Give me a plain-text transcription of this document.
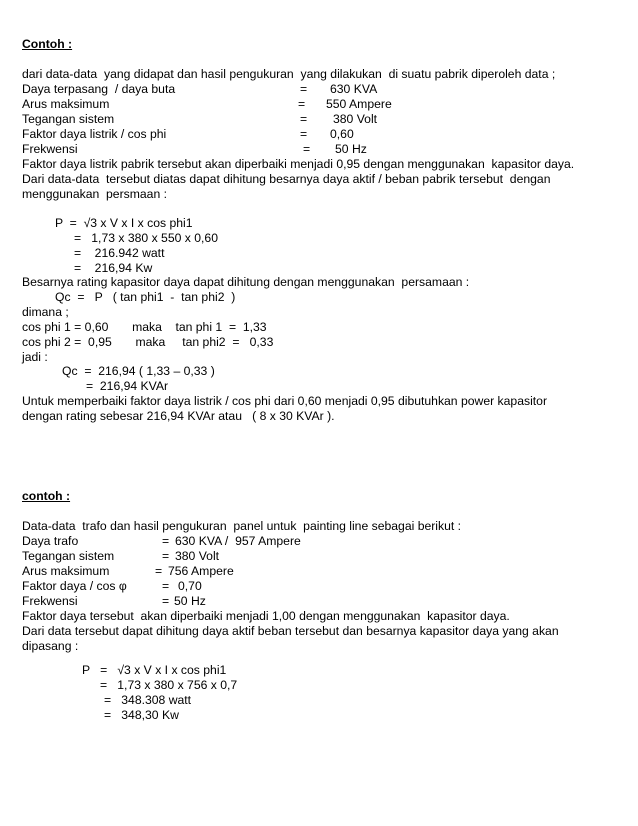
Contoh :
dari data-data  yang didapat dan hasil pengukuran  yang dilakukan  di suatu pabrik diperoleh data ;
Daya terpasang  / daya buta	= 630 KVA
Arus maksimum	= 550 Ampere
Tegangan sistem	= 380 Volt
Faktor daya listrik / cos phi	= 0,60
Frekwensi	= 50 Hz
Faktor daya listrik pabrik tersebut akan diperbaiki menjadi 0,95 dengan menggunakan  kapasitor daya.
Dari data-data  tersebut diatas dapat dihitung besarnya daya aktif / beban pabrik tersebut  dengan
menggunakan  persmaan :
P  =  √3 x V x I x cos phi1
=   1,73 x 380 x 550 x 0,60
=    216.942 watt
=    216,94 Kw
Besarnya rating kapasitor daya dapat dihitung dengan menggunakan  persamaan :
Qc  =   P   ( tan phi1  -  tan phi2  )
dimana ;
cos phi 1 = 0,60       maka    tan phi 1  =  1,33
cos phi 2 =  0,95       maka     tan phi2  =   0,33
jadi :
Qc  =  216,94 ( 1,33 – 0,33 )
=  216,94 KVAr
Untuk memperbaiki faktor daya listrik / cos phi dari 0,60 menjadi 0,95 dibutuhkan power kapasitor
dengan rating sebesar 216,94 KVAr atau   ( 8 x 30 KVAr ).
contoh :
Data-data  trafo dan hasil pengukuran  panel untuk  painting line sebagai berikut :
Daya trafo	= 630 KVA /  957 Ampere
Tegangan sistem	= 380 Volt
Arus maksimum	= 756 Ampere
Faktor daya / cos φ	= 0,70
Frekwensi	= 50 Hz
Faktor daya tersebut  akan diperbaiki menjadi 1,00 dengan menggunakan  kapasitor daya.
Dari data tersebut dapat dihitung daya aktif beban tersebut dan besarnya kapasitor daya yang akan
dipasang :
P   =   √3 x V x I x cos phi1
=   1,73 x 380 x 756 x 0,7
=   348.308 watt
=   348,30 Kw
